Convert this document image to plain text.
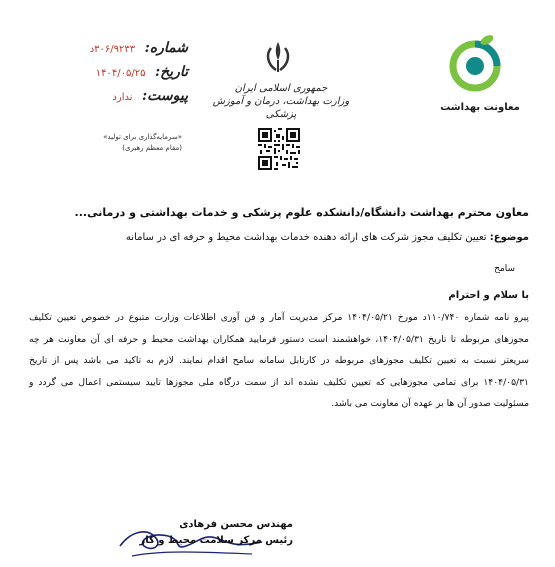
معاونت بهداشت
جمهوری اسلامی ایران
وزارت بهداشت، درمان و آموزش پزشکی
شماره: ۳۰۶/۹۲۳۳د
تاریخ: ۱۴۰۴/۰۵/۲۵
پیوست: ندارد
«سرمایه‌گذاری برای تولید»
(مقام معظم رهبری)
معاون محترم بهداشت دانشگاه/دانشکده علوم پزشکی و خدمات بهداشتی و درمانی...
موضوع: تعیین تکلیف مجوز شرکت های ارائه دهنده خدمات بهداشت محیط و حرفه ای در سامانه
سامح
با سلام و احترام
پیرو نامه شماره ۱۱۰/۷۴۰د مورخ ۱۴۰۴/۰۵/۲۱ مرکز مدیریت آمار و فن آوری اطلاعات وزارت متبوع در خصوص تعیین تکلیف مجوزهای مربوطه تا تاریخ ۱۴۰۴/۰۵/۳۱، خواهشمند است دستور فرمایید همکاران بهداشت محیط و حرفه ای آن معاونت هر چه سریعتر نسبت به تعیین تکلیف مجوزهای مربوطه در کارتابل سامانه سامح اقدام نمایند. لازم به تاکید می باشد پس از تاریخ ۱۴۰۴/۰۵/۳۱ برای تمامی مجوزهایی که تعیین تکلیف نشده اند از سمت درگاه ملی مجوزها تایید سیستمی اعمال می گردد و مسئولیت صدور آن ها بر عهده آن معاونت می باشد.
مهندس محسن فرهادی
رئیس مرکز سلامت محیط و کار
